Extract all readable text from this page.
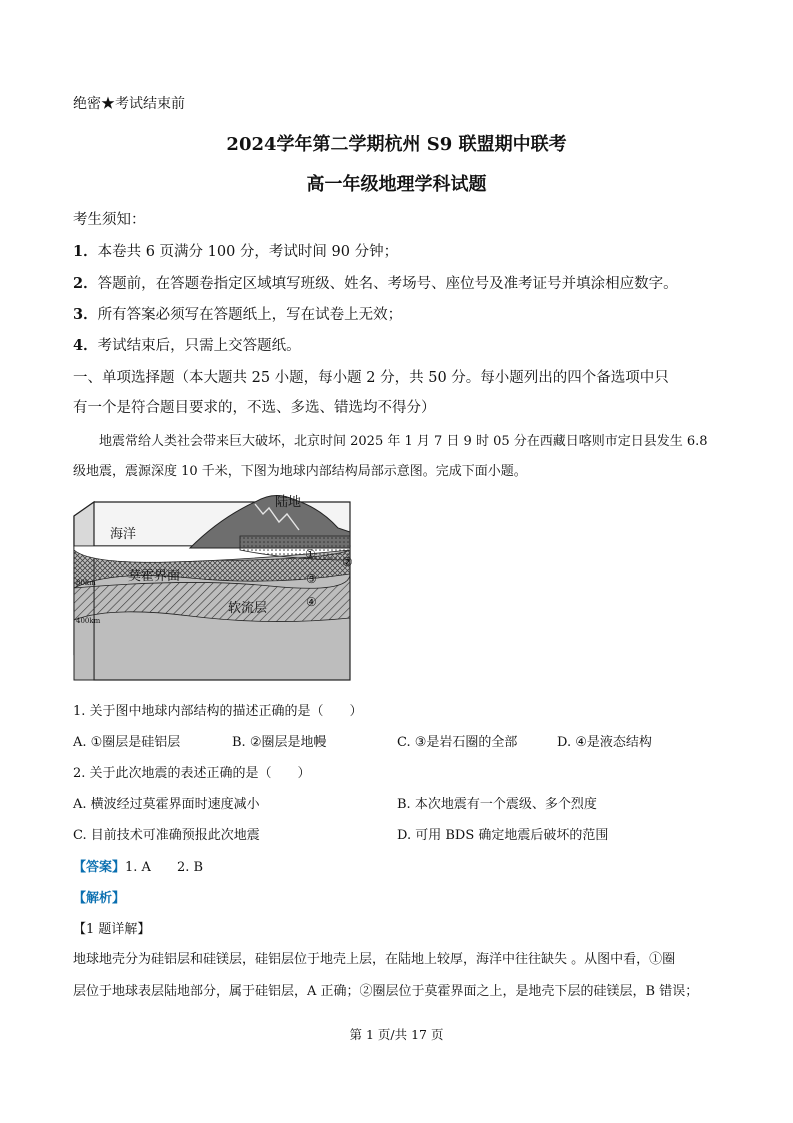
绝密★考试结束前
2024学年第二学期杭州 S9 联盟期中联考
高一年级地理学科试题
考生须知：
1．本卷共 6 页满分 100 分，考试时间 90 分钟；
2．答题前，在答题卷指定区域填写班级、姓名、考场号、座位号及准考证号并填涂相应数字。
3．所有答案必须写在答题纸上，写在试卷上无效；
4．考试结束后，只需上交答题纸。
一、单项选择题（本大题共 25 小题，每小题 2 分，共 50 分。每小题列出的四个备选项中只
有一个是符合题目要求的，不选、多选、错选均不得分）
地震常给人类社会带来巨大破坏，北京时间 2025 年 1 月 7 日 9 时 05 分在西藏日喀则市定日县发生 6.8
级地震，震源深度 10 千米，下图为地球内部结构局部示意图。完成下面小题。
陆地
海洋
莫霍界面
软流层
80km
400km
①
②
③
④
1. 关于图中地球内部结构的描述正确的是（　　）
A. ①圈层是硅铝层	B. ②圈层是地幔	C. ③是岩石圈的全部	D. ④是液态结构
2. 关于此次地震的表述正确的是（　　）
A. 横波经过莫霍界面时速度减小	B. 本次地震有一个震级、多个烈度
C. 目前技术可准确预报此次地震	D. 可用 BDS 确定地震后破坏的范围
【答案】1. A　　2. B
【解析】
【1 题详解】
地球地壳分为硅铝层和硅镁层，硅铝层位于地壳上层，在陆地上较厚，海洋中往往缺失 。从图中看，①圈
层位于地球表层陆地部分，属于硅铝层，A 正确；②圈层位于莫霍界面之上，是地壳下层的硅镁层，B 错误；
第 1 页/共 17 页
